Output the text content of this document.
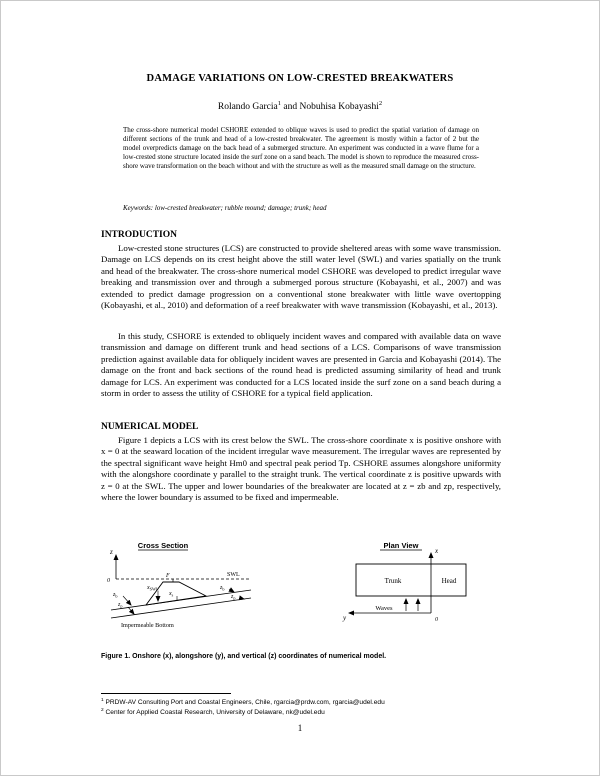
DAMAGE VARIATIONS ON LOW-CRESTED BREAKWATERS
Rolando Garcia$^1$ and Nobuhisa Kobayashi$^2$
The cross-shore numerical model CSHORE extended to oblique waves is used to predict the spatial variation of damage on different sections of the trunk and head of a low-crested breakwater. The agreement is mostly within a factor of 2 but the model overpredicts damage on the back head of a submerged structure. An experiment was conducted in a wave flume for a low-crested stone structure located inside the surf zone on a sand beach. The model is shown to reproduce the measured cross-shore wave transformation on the beach without and with the structure as well as the measured small damage on the structure.
Keywords: low-crested breakwater; rubble mound; damage; trunk; head
INTRODUCTION
Low-crested stone structures (LCS) are constructed to provide sheltered areas with some wave transmission. Damage on LCS depends on its crest height above the still water level (SWL) and varies spatially on the trunk and head of the breakwater. The cross-shore numerical model CSHORE was developed to predict irregular wave breaking and transmission over and through a submerged porous structure (Kobayashi, et al., 2007) and was extended to predict damage progression on a conventional stone breakwater with little wave overtopping (Kobayashi, et al., 2010) and deformation of a reef breakwater with wave transmission (Kobayashi, et al., 2013).
In this study, CSHORE is extended to obliquely incident waves and compared with available data on wave transmission and damage on different trunk and head sections of a LCS. Comparisons of wave transmission prediction against available data for obliquely incident waves are presented in Garcia and Kobayashi (2014). The damage on the front and back sections of the round head is predicted assuming similarity of head and trunk damage for LCS. An experiment was conducted for a LCS located inside the surf zone on a sand beach during a storm in order to assess the utility of CSHORE for a typical field application.
NUMERICAL MODEL
Figure 1 depicts a LCS with its crest below the SWL. The cross-shore coordinate x is positive onshore with x = 0 at the seaward location of the incident irregular wave measurement. The irregular waves are represented by the spectral significant wave height Hm0 and spectral peak period Tp. CSHORE assumes alongshore uniformity with the alongshore coordinate y parallel to the straight trunk. The vertical coordinate z is positive upwards with z = 0 at the SWL. The upper and lower boundaries of the breakwater are located at z = zb and zp, respectively, where the lower boundary is assumed to be fixed and impermeable.
Cross Section
z
0
SWL
F
$x_{SWL}$
$x_s$
$z_b$
$z_p$
$z_b$
$z_p$
Impermeable Bottom
Plan View
x
Trunk	Head
y	0
Waves
Figure 1. Onshore (x), alongshore (y), and vertical (z) coordinates of numerical model.
$^1$ PRDW-AV Consulting Port and Coastal Engineers, Chile, rgarcia@prdw.com, rgarcia@udel.edu
$^2$ Center for Applied Coastal Research, University of Delaware, nk@udel.edu
1
